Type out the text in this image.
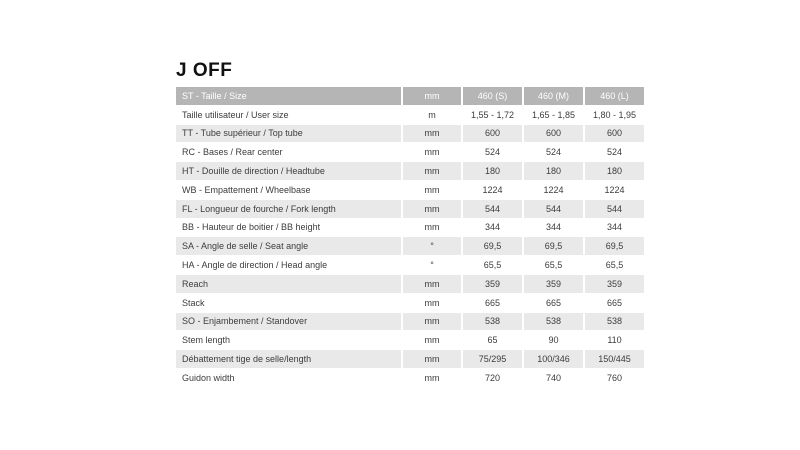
J OFF
ST - Taille / Size	mm	460 (S)	460 (M)	460 (L)
Taille utilisateur / User size	m	1,55 - 1,72	1,65 - 1,85	1,80 - 1,95
TT - Tube supérieur / Top tube	mm	600	600	600
RC - Bases / Rear center	mm	524	524	524
HT - Douille de direction / Headtube	mm	180	180	180
WB - Empattement / Wheelbase	mm	1224	1224	1224
FL - Longueur de fourche / Fork length	mm	544	544	544
BB - Hauteur de boitier / BB height	mm	344	344	344
SA - Angle de selle / Seat angle	°	69,5	69,5	69,5
HA - Angle de direction / Head angle	°	65,5	65,5	65,5
Reach	mm	359	359	359
Stack	mm	665	665	665
SO - Enjambement / Standover	mm	538	538	538
Stem length	mm	65	90	110
Débattement tige de selle/length	mm	75/295	100/346	150/445
Guidon width	mm	720	740	760
